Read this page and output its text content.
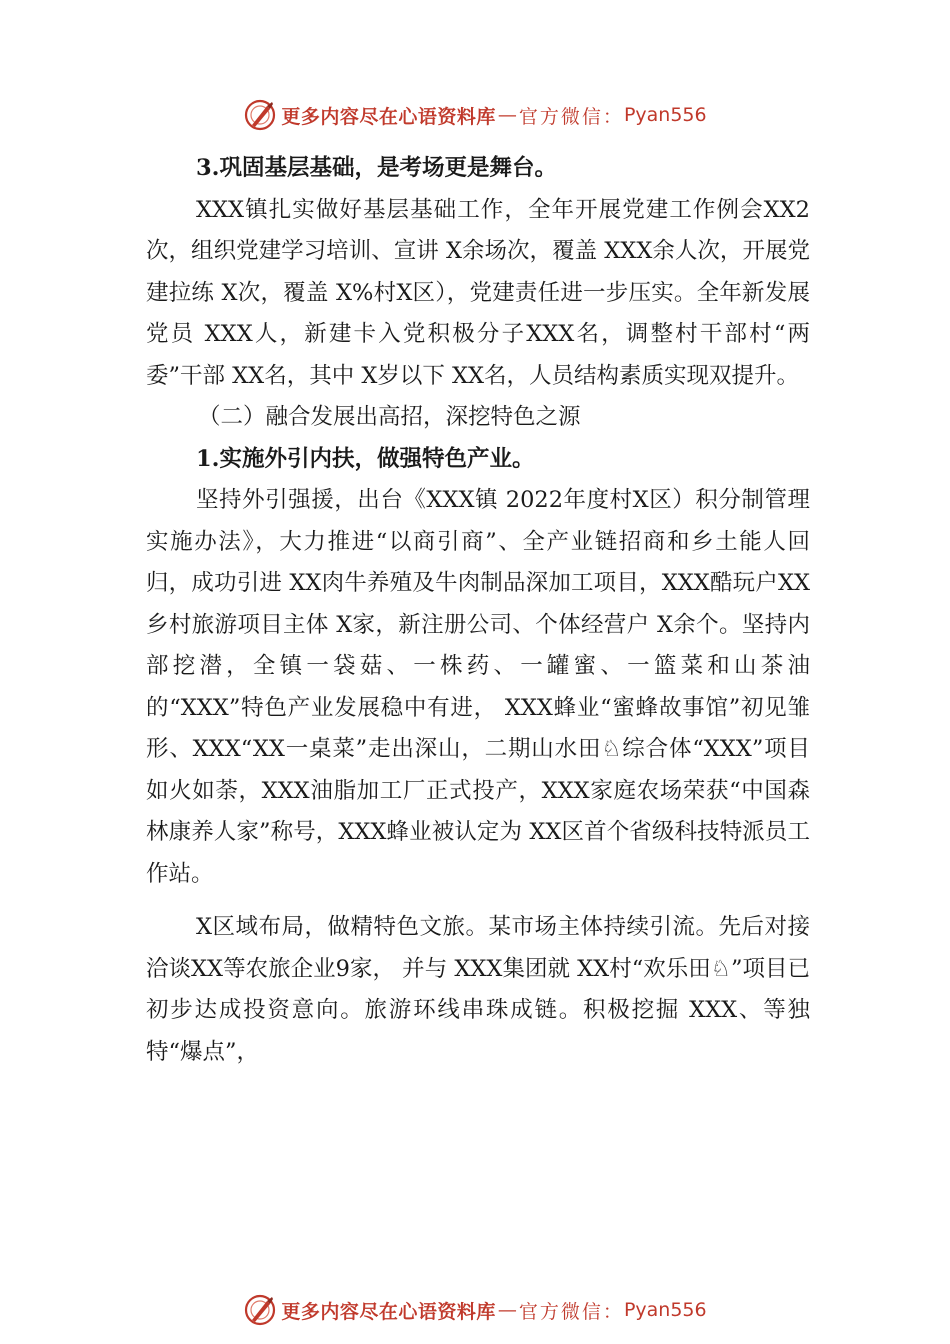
更多内容尽在心语资料库 — 官方微信： Pyan556

3.巩固基层基础，是考场更是舞台。

XXX镇扎实做好基层基础工作，全年开展党建工作例会XX2次，组织党建学习培训、宣讲 X余场次，覆盖 XXX余人次，开展党建拉练 X次，覆盖 X%村Ⅹ区），党建责任进一步压实。全年新发展党员 XXX人，新建卡入党积极分子XXX名，调整村干部村“两委”干部 XX名，其中 X岁以下 XX名，人员结构素质实现双提升。

（二）融合发展出高招，深挖特色之源

1.实施外引内扶，做强特色产业。

坚持外引强援，出台《XXX镇 2022年度村Ⅹ区）积分制管理实施办法》，大力推进“以商引商”、全产业链招商和乡土能人回归，成功引进 XX肉牛养殖及牛肉制品深加工项目，XXX酷玩户XX乡村旅游项目主体 X家，新注册公司、个体经营户 X余个。坚持内部挖潜，全镇一袋菇、一株药、一罐蜜、一篮菜和山茶油的“XXX”特色产业发展稳中有进， XXX蜂业“蜜蜂故事馆”初见雏形、XXX“XX一桌菜”走出深山，二期山水田♘综合体“XXX”项目如火如荼，XXX油脂加工厂正式投产，XXX家庭农场荣获“中国森林康养人家”称号，XXX蜂业被认定为 XX区首个省级科技特派员工作站。

Ⅹ区域布局，做精特色文旅。某市场主体持续引流。先后对接洽谈XX等农旅企业9家， 并与 XXX集团就 XX村“欢乐田♘”项目已初步达成投资意向。旅游环线串珠成链。积极挖掘 XXX、等独特“爆点”，

更多内容尽在心语资料库 — 官方微信： Pyan556
